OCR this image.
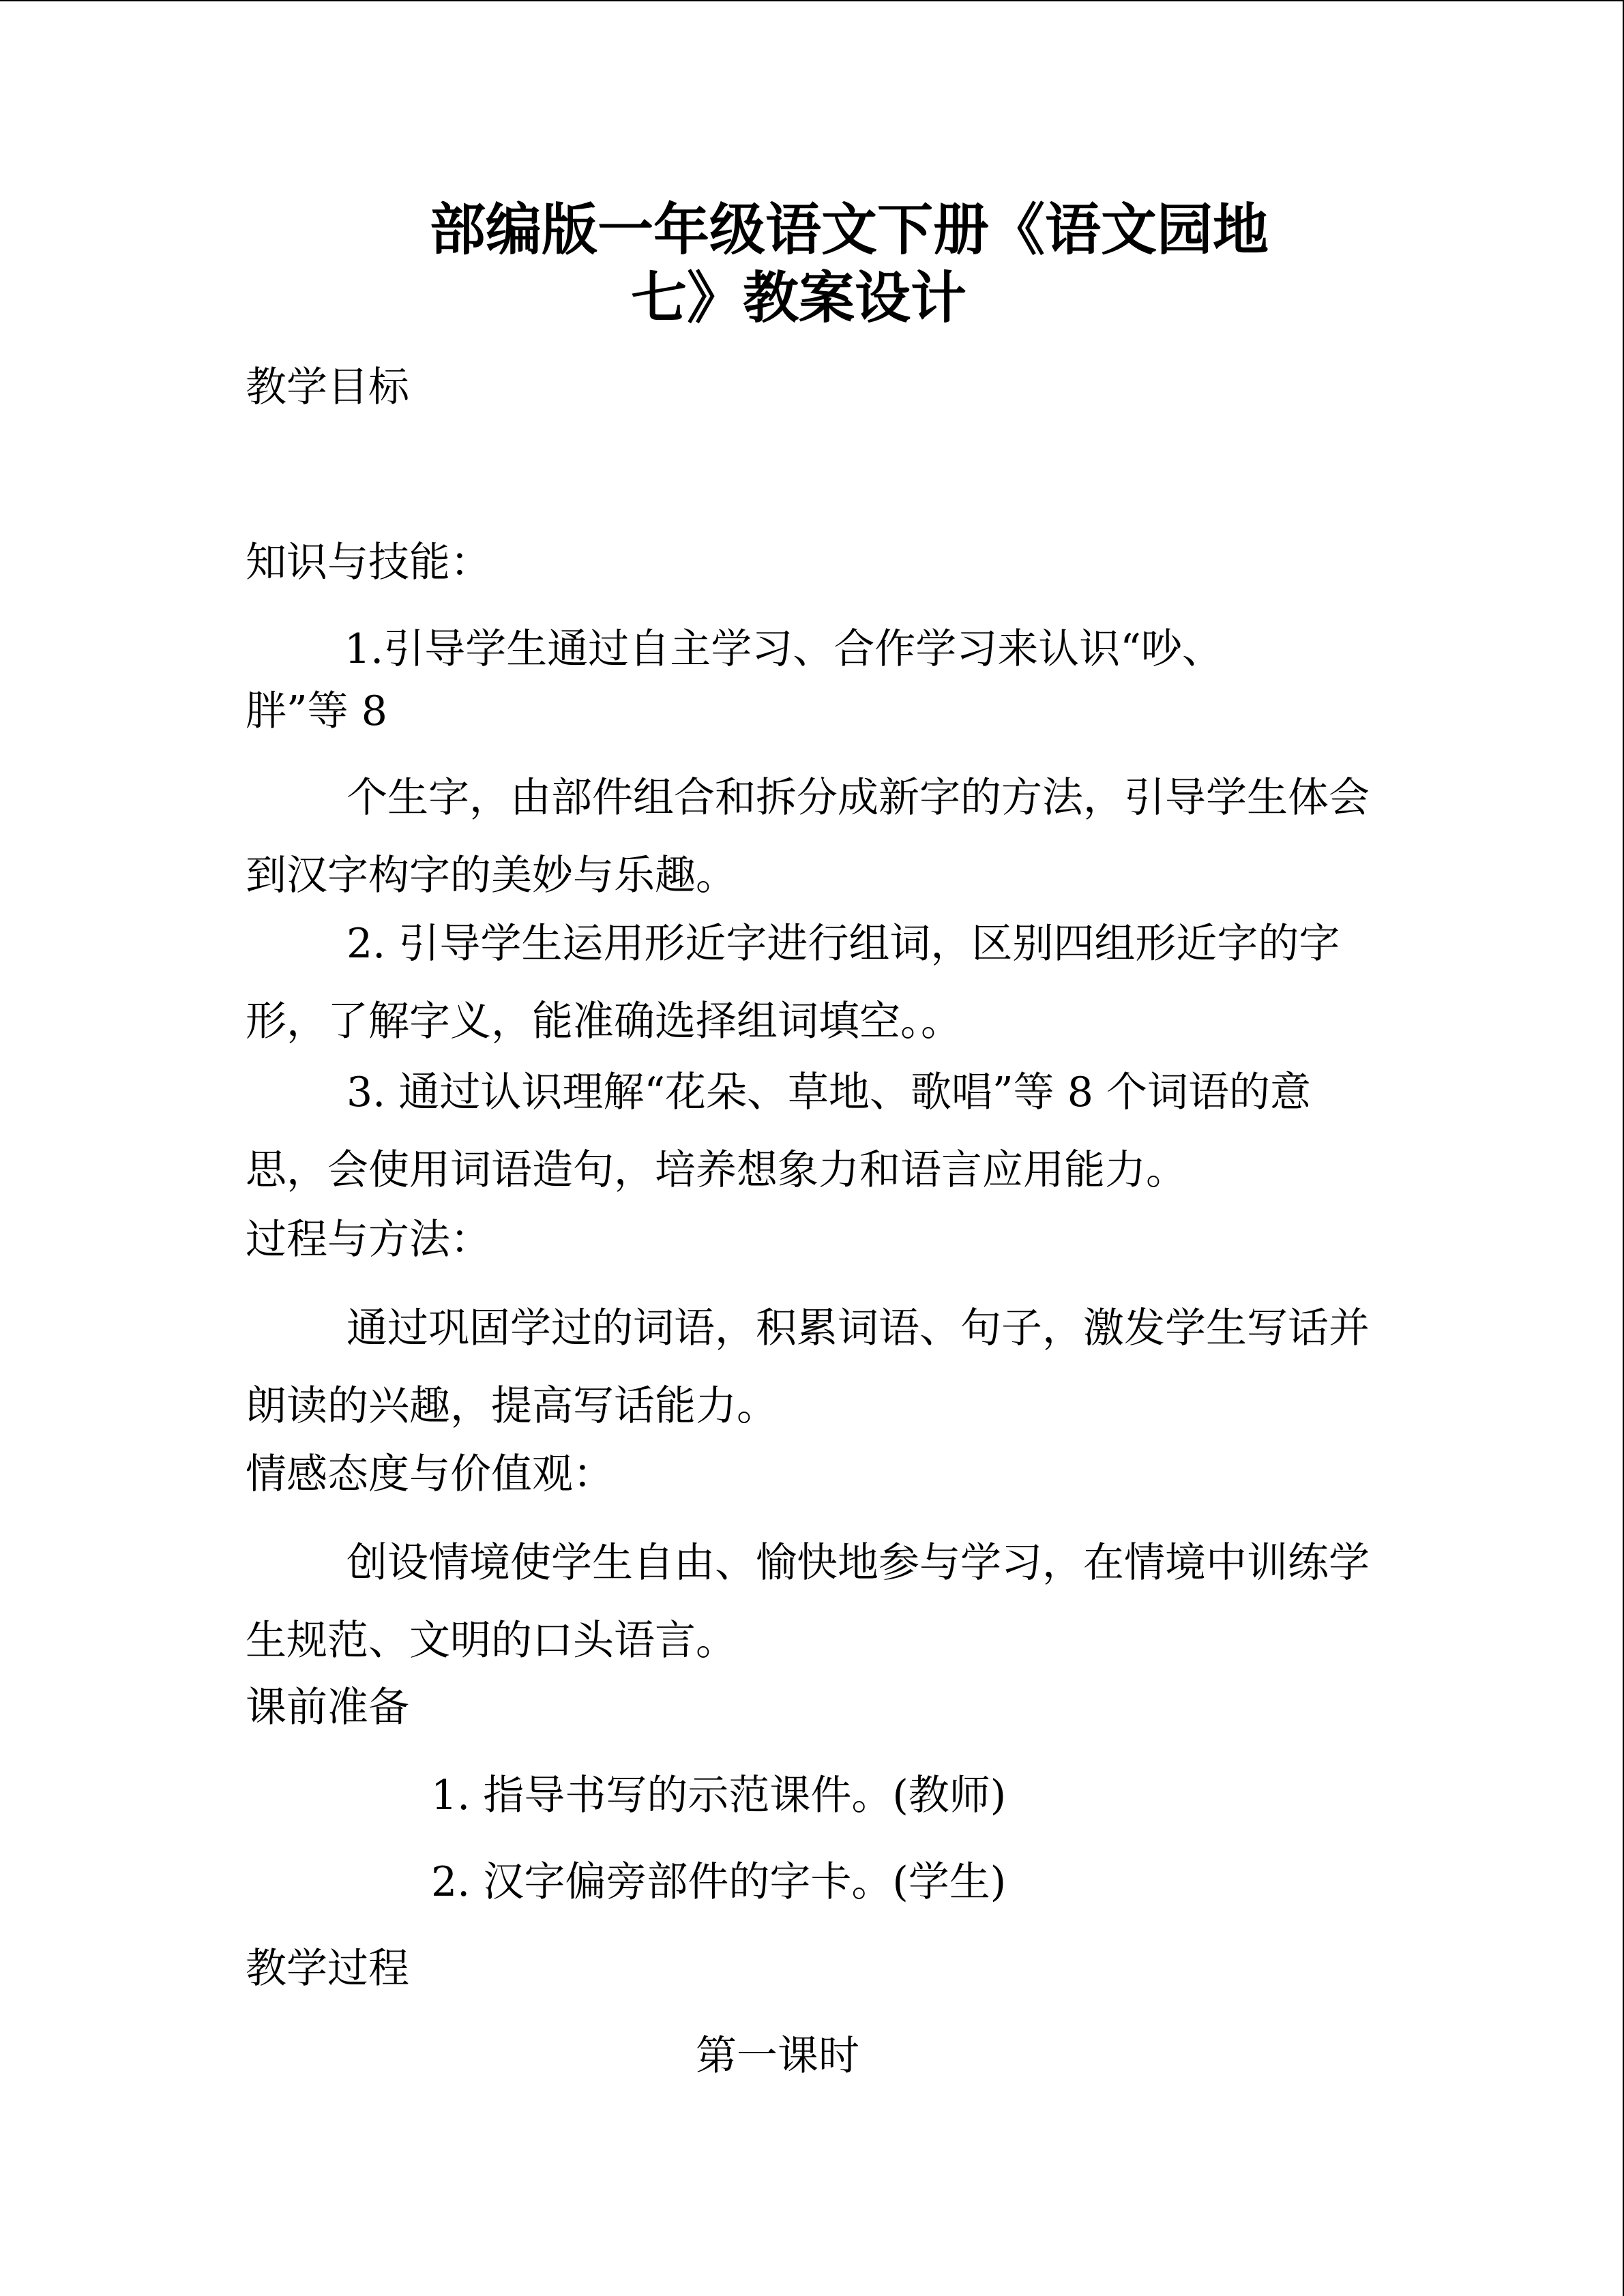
部编版一年级语文下册《语文园地
七》教案设计
教学目标
知识与技能：
1.引导学生通过自主学习、合作学习来认识“吵、
胖”等 8

个生字，由部件组合和拆分成新字的方法，引导学生体会到汉字构字的美妙与乐趣。

2. 引导学生运用形近字进行组词，区别四组形近字的字形，了解字义，能准确选择组词填空。。

3. 通过认识理解“花朵、草地、歌唱”等 8 个词语的意思，会使用词语造句，培养想象力和语言应用能力。

过程与方法：

通过巩固学过的词语，积累词语、句子，激发学生写话并朗读的兴趣，提高写话能力。

情感态度与价值观：

创设情境使学生自由、愉快地参与学习，在情境中训练学生规范、文明的口头语言。

课前准备
1. 指导书写的示范课件。(教师)
2. 汉字偏旁部件的字卡。(学生)
教学过程
第一课时
